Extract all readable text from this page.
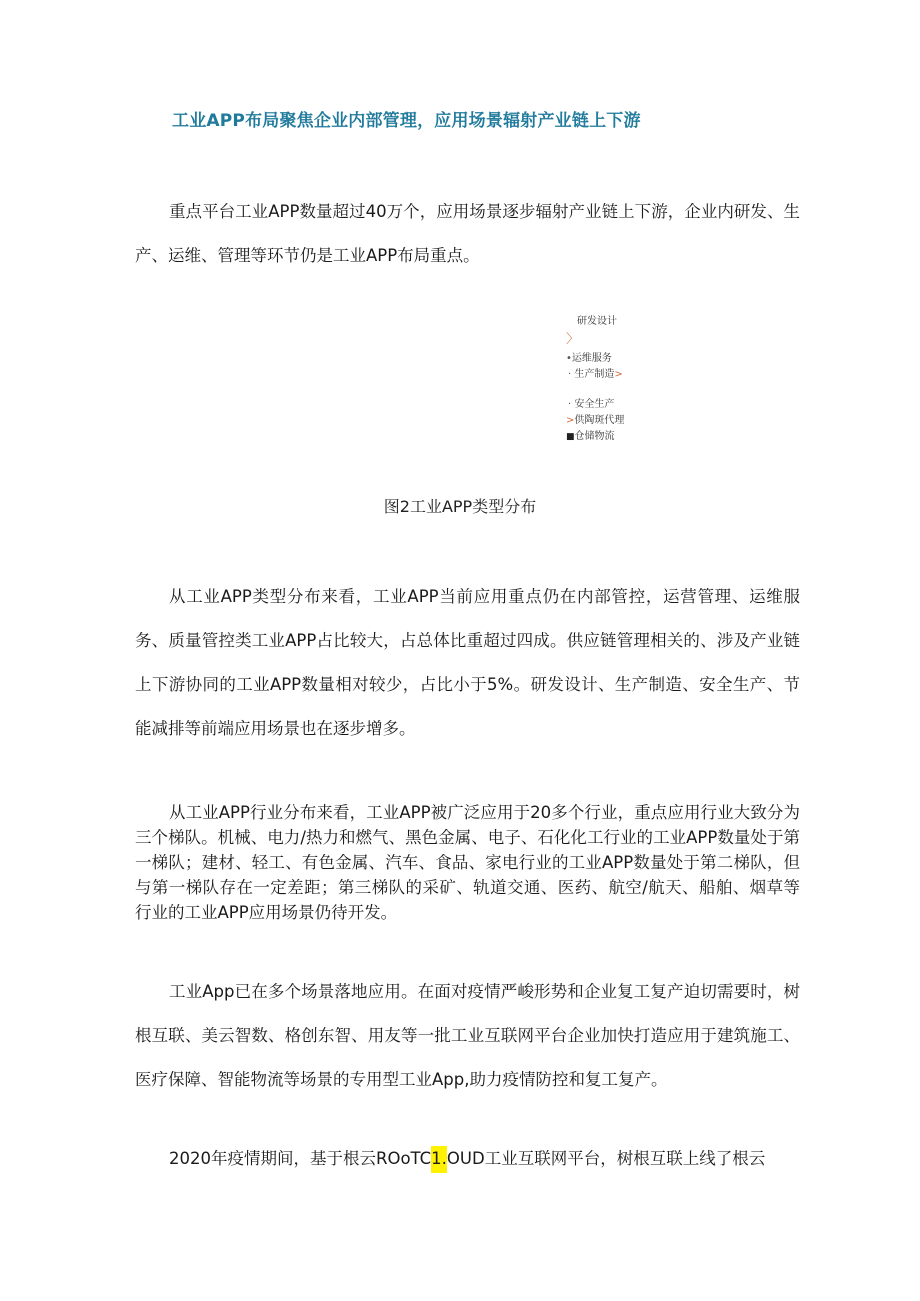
工业APP布局聚焦企业内部管理，应用场景辐射产业链上下游

重点平台工业APP数量超过40万个，应用场景逐步辐射产业链上下游，企业内研发、生产、运维、管理等环节仍是工业APP布局重点。

研发设计
〉
•运维服务
· 生产制造>
· 安全生产
>供陶斑代理
■仓储物流
图2工业APP类型分布

从工业APP类型分布来看，工业APP当前应用重点仍在内部管控，运营管理、运维服务、质量管控类工业APP占比较大，占总体比重超过四成。供应链管理相关的、涉及产业链上下游协同的工业APP数量相对较少，占比小于5%。研发设计、生产制造、安全生产、节能减排等前端应用场景也在逐步增多。

从工业APP行业分布来看，工业APP被广泛应用于20多个行业，重点应用行业大致分为三个梯队。机械、电力/热力和燃气、黑色金属、电子、石化化工行业的工业APP数量处于第一梯队；建材、轻工、有色金属、汽车、食品、家电行业的工业APP数量处于第二梯队，但与第一梯队存在一定差距；第三梯队的采矿、轨道交通、医药、航空/航天、船舶、烟草等行业的工业APP应用场景仍待开发。

工业App已在多个场景落地应用。在面对疫情严峻形势和企业复工复产迫切需要时，树根互联、美云智数、格创东智、用友等一批工业互联网平台企业加快打造应用于建筑施工、医疗保障、智能物流等场景的专用型工业App,助力疫情防控和复工复产。

2020年疫情期间，基于根云ROoTC1.OUD工业互联网平台，树根互联上线了根云
